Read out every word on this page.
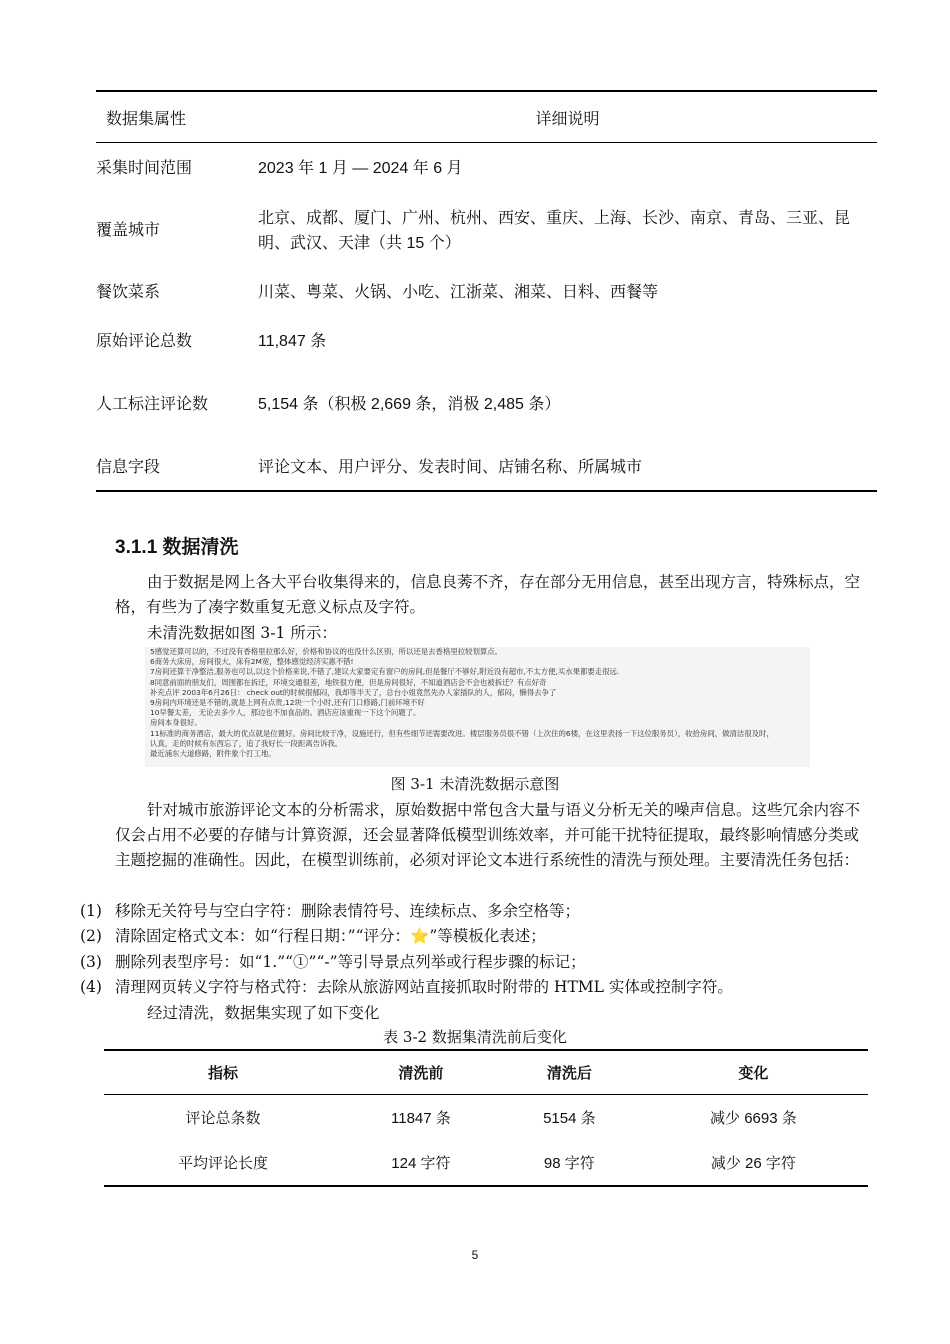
数据集属性	详细说明
采集时间范围	2023 年 1 月 — 2024 年 6 月
覆盖城市	北京、成都、厦门、广州、杭州、西安、重庆、上海、长沙、南京、青岛、三亚、昆明、武汉、天津（共 15 个）
餐饮菜系	川菜、粤菜、火锅、小吃、江浙菜、湘菜、日料、西餐等
原始评论总数	11,847 条
人工标注评论数	5,154 条（积极 2,669 条，消极 2,485 条）
信息字段	评论文本、用户评分、发表时间、店铺名称、所属城市
3.1.1 数据清洗

由于数据是网上各大平台收集得来的，信息良莠不齐，存在部分无用信息，甚至出现方言，特殊标点，空格，有些为了凑字数重复无意义标点及字符。

未清洗数据如图 3-1 所示：

5感觉还算可以的，不过没有香格里拉那么好，价格和协议的也没什么区别，所以还是去香格里拉较划算点。
6商务大床房，房间很大，床有2M宽，整体感觉经济实惠不错!
7房间还算干净整洁,服务也可以,以这个价格来说,不错了,建议大家要定有窗户的房间,但是餐厅不够好,附近没有超市,不太方便,买水果都要走很远.
8同意前面的朋友们，周围都在拆迁，环境交通很差，地铁很方便，但是房间很好，不知道酒店会不会也被拆迁？有点好奇
补充点评 2003年6月26日： check out的时候很郁闷，我却等半天了，总台小姐竟然先办人家插队的人，郁闷，懒得去争了
9房间内环境还是不错的,就是上网有点贵,12块一个小时,还有门口修路,门前环境不好
10早餐太差， 无论去多少人，那边也不加食品的。酒店应该重视一下这个问题了。
房间本身很好。
11标准的商务酒店，最大的优点就是位置好。房间比较干净，设施还行，但有些细节还需要改进。楼层服务员很不错（上次住的6楼，在这里表扬一下这位服务员），收拾房间，做清洁很及时，
认真，走的时候有东西忘了，追了我好长一段距离告诉我。
最近浦东大道修路，附件象个打工地。

图 3-1 未清洗数据示意图

针对城市旅游评论文本的分析需求，原始数据中常包含大量与语义分析无关的噪声信息。这些冗余内容不仅会占用不必要的存储与计算资源，还会显著降低模型训练效率，并可能干扰特征提取，最终影响情感分类或主题挖掘的准确性。因此，在模型训练前，必须对评论文本进行系统性的清洗与预处理。主要清洗任务包括：

(1) 移除无关符号与空白字符：删除表情符号、连续标点、多余空格等；

(2) 清除固定格式文本：如“行程日期：”“评分：⭐”等模板化表述；

(3) 删除列表型序号：如“1.”“①”“-”等引导景点列举或行程步骤的标记；

(4) 清理网页转义字符与格式符：去除从旅游网站直接抓取时附带的 HTML 实体或控制字符。

经过清洗，数据集实现了如下变化

表 3-2 数据集清洗前后变化

指标	清洗前	清洗后	变化
评论总条数	11847 条	5154 条	减少 6693 条
平均评论长度	124 字符	98 字符	减少 26 字符
5
